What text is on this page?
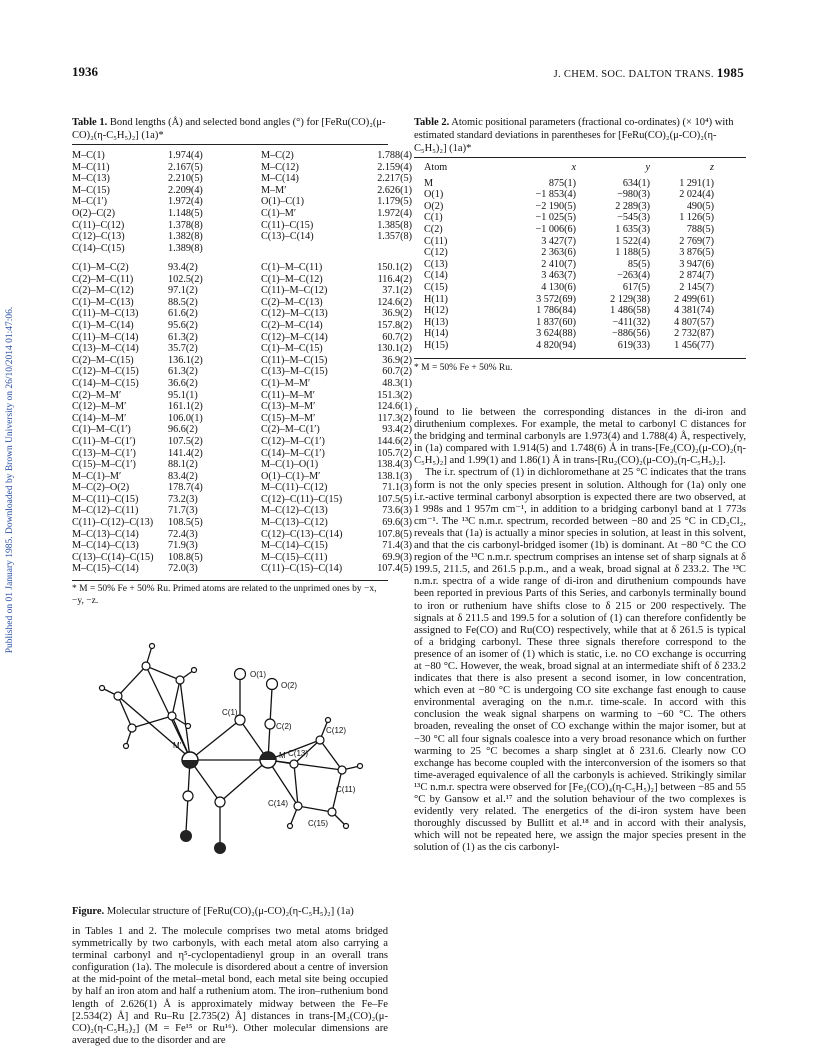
Published on 01 January 1985. Downloaded by Brown University on 26/10/2014 01:47:06.
1936	J. CHEM. SOC. DALTON TRANS. 1985
Table 1. Bond lengths (Å) and selected bond angles (°) for [FeRu(CO)₂(μ-CO)₂(η-C₅H₅)₂] (1a)*
M–C(1)	1.974(4)	M–C(2)	1.788(4)
M–C(11)	2.167(5)	M–C(12)	2.159(4)
M–C(13)	2.210(5)	M–C(14)	2.217(5)
M–C(15)	2.209(4)	M–M′	2.626(1)
M–C(1′)	1.972(4)	O(1)–C(1)	1.179(5)
O(2)–C(2)	1.148(5)	C(1)–M′	1.972(4)
C(11)–C(12)	1.378(8)	C(11)–C(15)	1.385(8)
C(12)–C(13)	1.382(8)	C(13)–C(14)	1.357(8)
C(14)–C(15)	1.389(8)		
C(1)–M–C(2)	93.4(2)	C(1)–M–C(11)	150.1(2)
C(2)–M–C(11)	102.5(2)	C(1)–M–C(12)	116.4(2)
C(2)–M–C(12)	97.1(2)	C(11)–M–C(12)	37.1(2)
C(1)–M–C(13)	88.5(2)	C(2)–M–C(13)	124.6(2)
C(11)–M–C(13)	61.6(2)	C(12)–M–C(13)	36.9(2)
C(1)–M–C(14)	95.6(2)	C(2)–M–C(14)	157.8(2)
C(11)–M–C(14)	61.3(2)	C(12)–M–C(14)	60.7(2)
C(13)–M–C(14)	35.7(2)	C(1)–M–C(15)	130.1(2)
C(2)–M–C(15)	136.1(2)	C(11)–M–C(15)	36.9(2)
C(12)–M–C(15)	61.3(2)	C(13)–M–C(15)	60.7(2)
C(14)–M–C(15)	36.6(2)	C(1)–M–M′	48.3(1)
C(2)–M–M′	95.1(1)	C(11)–M–M′	151.3(2)
C(12)–M–M′	161.1(2)	C(13)–M–M′	124.6(1)
C(14)–M–M′	106.0(1)	C(15)–M–M′	117.3(2)
C(1)–M–C(1′)	96.6(2)	C(2)–M–C(1′)	93.4(2)
C(11)–M–C(1′)	107.5(2)	C(12)–M–C(1′)	144.6(2)
C(13)–M–C(1′)	141.4(2)	C(14)–M–C(1′)	105.7(2)
C(15)–M–C(1′)	88.1(2)	M–C(1)–O(1)	138.4(3)
M–C(1)–M′	83.4(2)	O(1)–C(1)–M′	138.1(3)
M–C(2)–O(2)	178.7(4)	M–C(11)–C(12)	71.1(3)
M–C(11)–C(15)	73.2(3)	C(12)–C(11)–C(15)	107.5(5)
M–C(12)–C(11)	71.7(3)	M–C(12)–C(13)	73.6(3)
C(11)–C(12)–C(13)	108.5(5)	M–C(13)–C(12)	69.6(3)
M–C(13)–C(14)	72.4(3)	C(12)–C(13)–C(14)	107.8(5)
M–C(14)–C(13)	71.9(3)	M–C(14)–C(15)	71.4(3)
C(13)–C(14)–C(15)	108.8(5)	M–C(15)–C(11)	69.9(3)
M–C(15)–C(14)	72.0(3)	C(11)–C(15)–C(14)	107.4(5)
* M = 50% Fe + 50% Ru. Primed atoms are related to the unprimed ones by −x, −y, −z.
Table 2. Atomic positional parameters (fractional co-ordinates) (× 10⁴) with estimated standard deviations in parentheses for [FeRu(CO)₂(μ-CO)₂(η-C₅H₅)₂] (1a)*
Atom	x	y	z

M	875(1)	634(1)	1 291(1)
O(1)	−1 853(4)	−980(3)	2 024(4)
O(2)	−2 190(5)	2 289(3)	490(5)
C(1)	−1 025(5)	−545(3)	1 126(5)
C(2)	−1 006(6)	1 635(3)	788(5)
C(11)	3 427(7)	1 522(4)	2 769(7)
C(12)	2 363(6)	1 188(5)	3 876(5)
C(13)	2 410(7)	85(5)	3 947(6)
C(14)	3 463(7)	−263(4)	2 874(7)
C(15)	4 130(6)	617(5)	2 145(7)
H(11)	3 572(69)	2 129(38)	2 499(61)
H(12)	1 786(84)	1 486(58)	4 381(74)
H(13)	1 837(60)	−411(32)	4 807(57)
H(14)	3 624(88)	−886(56)	2 732(87)
H(15)	4 820(94)	619(33)	1 456(77)
* M = 50% Fe + 50% Ru.
O(1)
O(2)
C(1)
C(2)
M
M′
C(12)
C(13)
C(11)
C(14)
C(15)
Figure. Molecular structure of [FeRu(CO)₂(μ-CO)₂(η-C₅H₅)₂] (1a)

in Tables 1 and 2. The molecule comprises two metal atoms bridged symmetrically by two carbonyls, with each metal atom also carrying a terminal carbonyl and η⁵-cyclopentadienyl group in an overall trans configuration (1a). The molecule is disordered about a centre of inversion at the mid-point of the metal–metal bond, each metal site being occupied by half an iron atom and half a ruthenium atom. The iron–ruthenium bond length of 2.626(1) Å is approximately midway between the Fe–Fe [2.534(2) Å] and Ru–Ru [2.735(2) Å] distances in trans-[M₂(CO)₂(μ-CO)₂(η-C₅H₅)₂] (M = Fe¹⁵ or Ru¹⁶). Other molecular dimensions are averaged due to the disorder and are

found to lie between the corresponding distances in the di-iron and diruthenium complexes. For example, the metal to carbonyl C distances for the bridging and terminal carbonyls are 1.973(4) and 1.788(4) Å, respectively, in (1a) compared with 1.914(5) and 1.748(6) Å in trans-[Fe₂(CO)₂(μ-CO)₂(η-C₅H₅)₂] and 1.99(1) and 1.86(1) Å in trans-[Ru₂(CO)₂(μ-CO)₂(η-C₅H₅)₂].

The i.r. spectrum of (1) in dichloromethane at 25 °C indicates that the trans form is not the only species present in solution. Although for (1a) only one i.r.-active terminal carbonyl absorption is expected there are two observed, at 1 998s and 1 957m cm⁻¹, in addition to a bridging carbonyl band at 1 773s cm⁻¹. The ¹³C n.m.r. spectrum, recorded between −80 and 25 °C in CD₂Cl₂, reveals that (1a) is actually a minor species in solution, at least in this solvent, and that the cis carbonyl-bridged isomer (1b) is dominant. At −80 °C the CO region of the ¹³C n.m.r. spectrum comprises an intense set of sharp signals at δ 199.5, 211.5, and 261.5 p.p.m., and a weak, broad signal at δ 233.2. The ¹³C n.m.r. spectra of a wide range of di-iron and diruthenium compounds have been reported in previous Parts of this Series, and carbonyls terminally bound to iron or ruthenium have shifts close to δ 215 or 200 respectively. The signals at δ 211.5 and 199.5 for a solution of (1) can therefore confidently be assigned to Fe(CO) and Ru(CO) respectively, while that at δ 261.5 is typical of a bridging carbonyl. These three signals therefore correspond to the presence of an isomer of (1) which is static, i.e. no CO exchange is occurring at −80 °C. However, the weak, broad signal at an intermediate shift of δ 233.2 indicates that there is also present a second isomer, in low concentration, which even at −80 °C is undergoing CO site exchange fast enough to cause environmental averaging on the n.m.r. time-scale. In accord with this conclusion the weak signal sharpens on warming to −60 °C. The others broaden, revealing the onset of CO exchange within the major isomer, but at −30 °C all four signals coalesce into a very broad resonance which on further warming to 25 °C becomes a sharp singlet at δ 231.6. Clearly now CO exchange has become coupled with the interconversion of the isomers so that time-averaged equivalence of all the carbonyls is achieved. Strikingly similar ¹³C n.m.r. spectra were observed for [Fe₂(CO)₄(η-C₅H₅)₂] between −85 and 55 °C by Gansow et al.¹⁷ and the solution behaviour of the two complexes is evidently very related. The energetics of the di-iron system have been thoroughly discussed by Bullitt et al.¹⁸ and in accord with their analysis, which will not be repeated here, we assign the major species present in the solution of (1) as the cis carbonyl-
